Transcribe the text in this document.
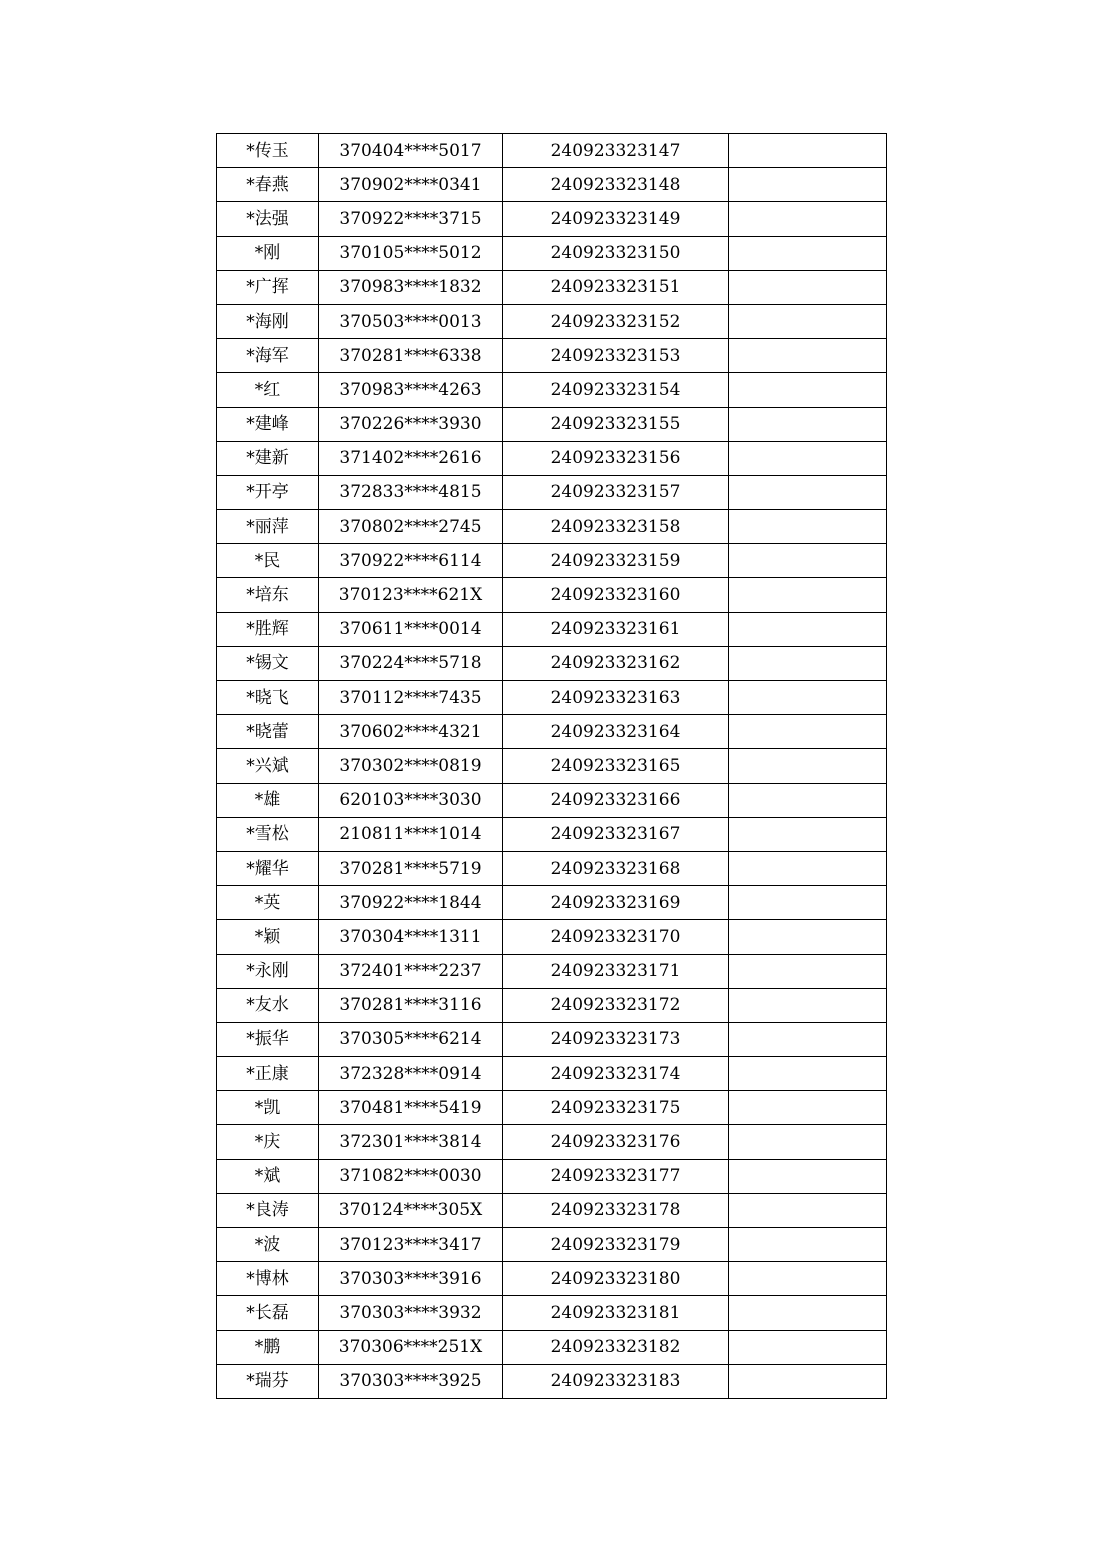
*传玉	370404****5017	240923323147	
*春燕	370902****0341	240923323148	
*法强	370922****3715	240923323149	
*刚	370105****5012	240923323150	
*广挥	370983****1832	240923323151	
*海刚	370503****0013	240923323152	
*海军	370281****6338	240923323153	
*红	370983****4263	240923323154	
*建峰	370226****3930	240923323155	
*建新	371402****2616	240923323156	
*开亭	372833****4815	240923323157	
*丽萍	370802****2745	240923323158	
*民	370922****6114	240923323159	
*培东	370123****621X	240923323160	
*胜辉	370611****0014	240923323161	
*锡文	370224****5718	240923323162	
*晓飞	370112****7435	240923323163	
*晓蕾	370602****4321	240923323164	
*兴斌	370302****0819	240923323165	
*雄	620103****3030	240923323166	
*雪松	210811****1014	240923323167	
*耀华	370281****5719	240923323168	
*英	370922****1844	240923323169	
*颖	370304****1311	240923323170	
*永刚	372401****2237	240923323171	
*友水	370281****3116	240923323172	
*振华	370305****6214	240923323173	
*正康	372328****0914	240923323174	
*凯	370481****5419	240923323175	
*庆	372301****3814	240923323176	
*斌	371082****0030	240923323177	
*良涛	370124****305X	240923323178	
*波	370123****3417	240923323179	
*博林	370303****3916	240923323180	
*长磊	370303****3932	240923323181	
*鹏	370306****251X	240923323182	
*瑞芬	370303****3925	240923323183	
